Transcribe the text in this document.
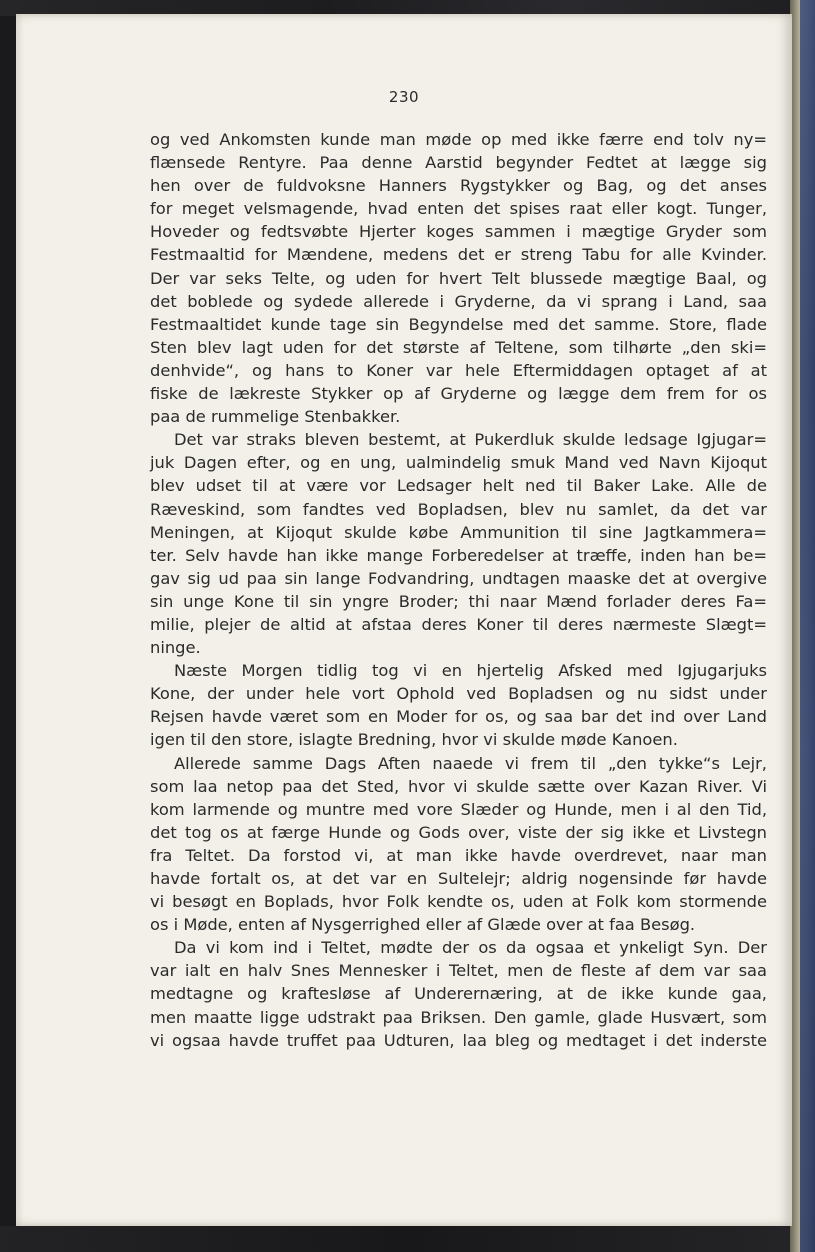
230
og ved Ankomsten kunde man møde op med ikke færre end tolv ny=
flænsede Rentyre. Paa denne Aarstid begynder Fedtet at lægge sig
hen over de fuldvoksne Hanners Rygstykker og Bag, og det anses
for meget velsmagende, hvad enten det spises raat eller kogt. Tunger,
Hoveder og fedtsvøbte Hjerter koges sammen i mægtige Gryder som
Festmaaltid for Mændene, medens det er streng Tabu for alle Kvinder.
Der var seks Telte, og uden for hvert Telt blussede mægtige Baal, og
det boblede og sydede allerede i Gryderne, da vi sprang i Land, saa
Festmaaltidet kunde tage sin Begyndelse med det samme. Store, flade
Sten blev lagt uden for det største af Teltene, som tilhørte „den ski=
denhvide“, og hans to Koner var hele Eftermiddagen optaget af at
fiske de lækreste Stykker op af Gryderne og lægge dem frem for os
paa de rummelige Stenbakker.
Det var straks bleven bestemt, at Pukerdluk skulde ledsage Igjugar=
juk Dagen efter, og en ung, ualmindelig smuk Mand ved Navn Kijoqut
blev udset til at være vor Ledsager helt ned til Baker Lake. Alle de
Ræveskind, som fandtes ved Bopladsen, blev nu samlet, da det var
Meningen, at Kijoqut skulde købe Ammunition til sine Jagtkammera=
ter. Selv havde han ikke mange Forberedelser at træffe, inden han be=
gav sig ud paa sin lange Fodvandring, undtagen maaske det at overgive
sin unge Kone til sin yngre Broder; thi naar Mænd forlader deres Fa=
milie, plejer de altid at afstaa deres Koner til deres nærmeste Slægt=
ninge.
Næste Morgen tidlig tog vi en hjertelig Afsked med Igjugarjuks
Kone, der under hele vort Ophold ved Bopladsen og nu sidst under
Rejsen havde været som en Moder for os, og saa bar det ind over Land
igen til den store, islagte Bredning, hvor vi skulde møde Kanoen.
Allerede samme Dags Aften naaede vi frem til „den tykke“s Lejr,
som laa netop paa det Sted, hvor vi skulde sætte over Kazan River. Vi
kom larmende og muntre med vore Slæder og Hunde, men i al den Tid,
det tog os at færge Hunde og Gods over, viste der sig ikke et Livstegn
fra Teltet. Da forstod vi, at man ikke havde overdrevet, naar man
havde fortalt os, at det var en Sultelejr; aldrig nogensinde før havde
vi besøgt en Boplads, hvor Folk kendte os, uden at Folk kom stormende
os i Møde, enten af Nysgerrighed eller af Glæde over at faa Besøg.
Da vi kom ind i Teltet, mødte der os da ogsaa et ynkeligt Syn. Der
var ialt en halv Snes Mennesker i Teltet, men de fleste af dem var saa
medtagne og kraftesløse af Underernæring, at de ikke kunde gaa,
men maatte ligge udstrakt paa Briksen. Den gamle, glade Husvært, som
vi ogsaa havde truffet paa Udturen, laa bleg og medtaget i det inderste
